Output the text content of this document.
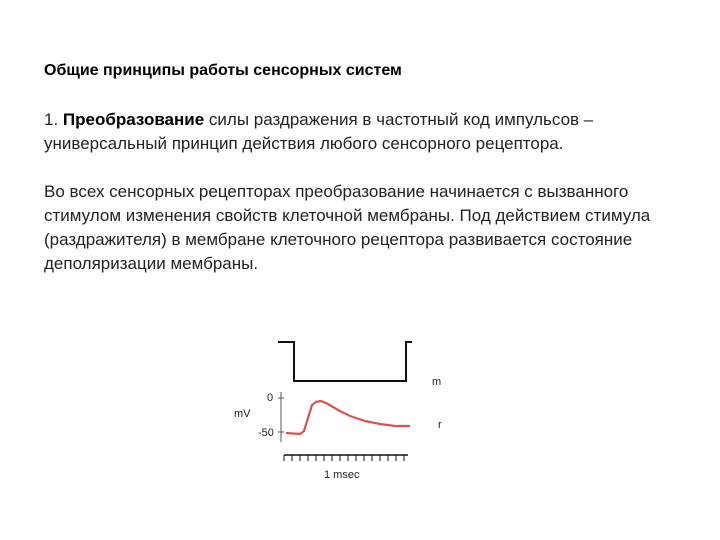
Общие принципы работы сенсорных систем
1. Преобразование силы раздражения в частотный код импульсов – универсальный принцип действия любого сенсорного рецептора.
Во всех сенсорных рецепторах преобразование начинается с вызванного стимулом изменения свойств клеточной мембраны. Под действием стимула (раздражителя) в мембране клеточного рецептора развивается состояние деполяризации мембраны.
m
0
mV
-50
r
1 msec
